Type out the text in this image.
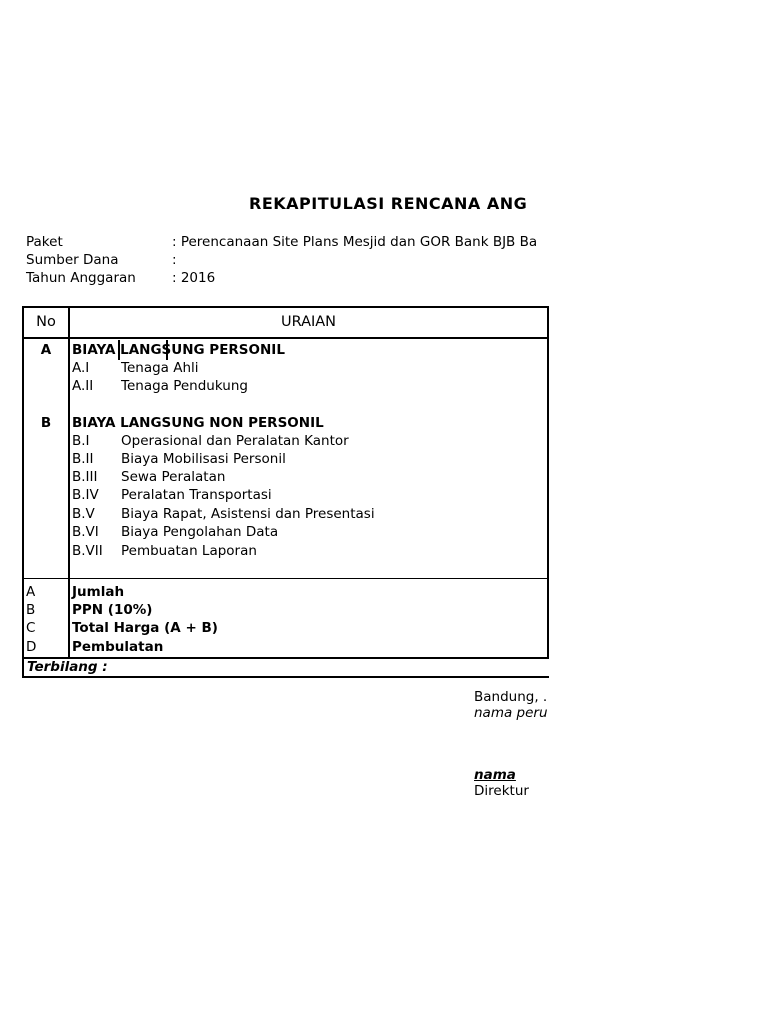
REKAPITULASI RENCANA ANG
Paket	: Perencanaan Site Plans Mesjid dan GOR Bank BJB Ba
Sumber Dana	:
Tahun Anggaran	: 2016
No	URAIAN
A	BIAYA LANGSUNG PERSONIL
A.I Tenaga Ahli
A.II Tenaga Pendukung
B	BIAYA LANGSUNG NON PERSONIL
B.I Operasional dan Peralatan Kantor
B.II Biaya Mobilisasi Personil
B.III Sewa Peralatan
B.IV Peralatan Transportasi
B.V Biaya Rapat, Asistensi dan Presentasi
B.VI Biaya Pengolahan Data
B.VII Pembuatan Laporan
A	Jumlah
B	PPN (10%)
C	Total Harga (A + B)
D	Pembulatan
Terbilang :
Bandung, .
nama peru
nama
Direktur
